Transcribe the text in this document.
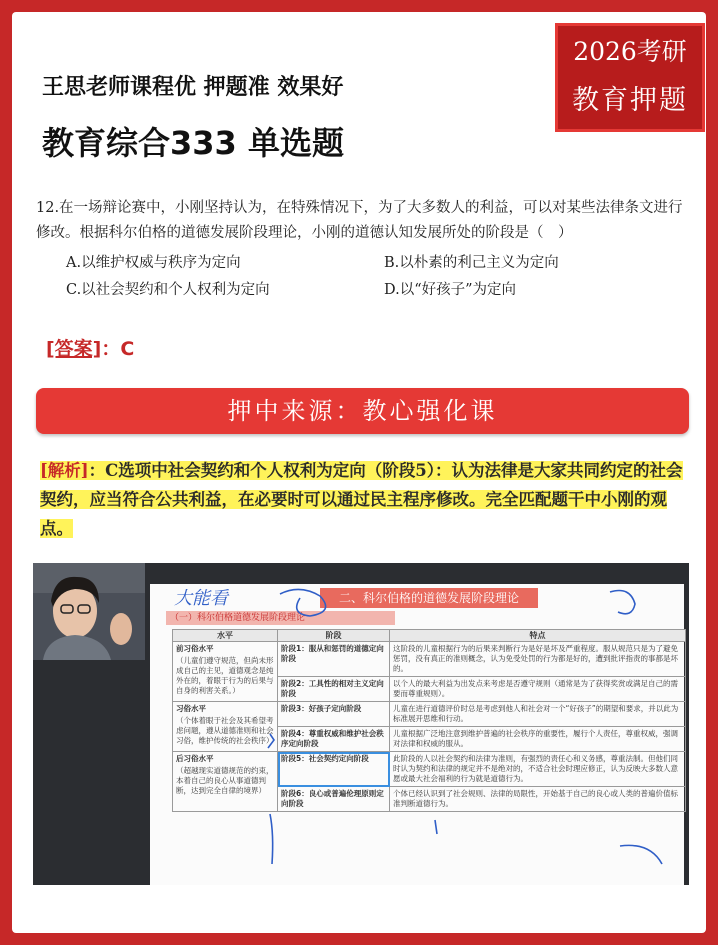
2026考研
教育押题
王思老师课程优 押题准 效果好
教育综合333 单选题
12.在一场辩论赛中，小刚坚持认为，在特殊情况下，为了大多数人的利益，可以对某些法律条文进行修改。根据科尔伯格的道德发展阶段理论，小刚的道德认知发展所处的阶段是（　）
A.以维护权威与秩序为定向	B.以朴素的利己主义为定向
C.以社会契约和个人权利为定向	D.以“好孩子”为定向
[答案]：C
押中来源：教心强化课
[解析]：C选项中社会契约和个人权利为定向（阶段5）：认为法律是大家共同约定的社会契约，应当符合公共利益，在必要时可以通过民主程序修改。完全匹配题干中小刚的观点。
二、科尔伯格的道德发展阶段理论
（一）科尔伯格道德发展阶段理论
水平	阶段	特点

前习俗水平
（儿童们遵守规范，但尚未形成自己的主见，道德观念是纯外在的，着眼于行为的后果与自身的利害关系。）	阶段1：服从和惩罚的道德定向阶段	这阶段的儿童根据行为的后果来判断行为是好是坏及严重程度。服从规范只是为了避免惩罚，没有真正的准则概念，认为免受处罚的行为都是好的，遭到批评指责的事都是坏的。
	阶段2：工具性的相对主义定向阶段	以个人的最大利益为出发点来考虑是否遵守规则（通常是为了获得奖赏或满足自己的需要而尊重规则）。

习俗水平
（个体着眼于社会及其希望考虑问题，遵从道德准则和社会习俗，维护传统的社会秩序）	阶段3：好孩子定向阶段	儿童在进行道德评价时总是考虑到他人和社会对一个“好孩子”的期望和要求，并以此为标准展开思维和行动。
	阶段4：尊重权威和维护社会秩序定向阶段	儿童根据广泛地注意到维护普遍的社会秩序的重要性，履行个人责任，尊重权威，强调对法律和权威的服从。

后习俗水平
（超越现实道德规范的约束，本着自己的良心从事道德判断，达到完全自律的境界）	阶段5：社会契约定向阶段	此阶段的人以社会契约和法律为准则，有强烈的责任心和义务感，尊重法制。但他们同时认为契约和法律的规定并不是绝对的，不适合社会时理应修正，认为反映大多数人意愿或最大社会福利的行为就是道德行为。
	阶段6：良心或普遍伦理原则定向阶段	个体已经认识到了社会规则、法律的局限性，开始基于自己的良心或人类的普遍价值标准判断道德行为。
大能看
